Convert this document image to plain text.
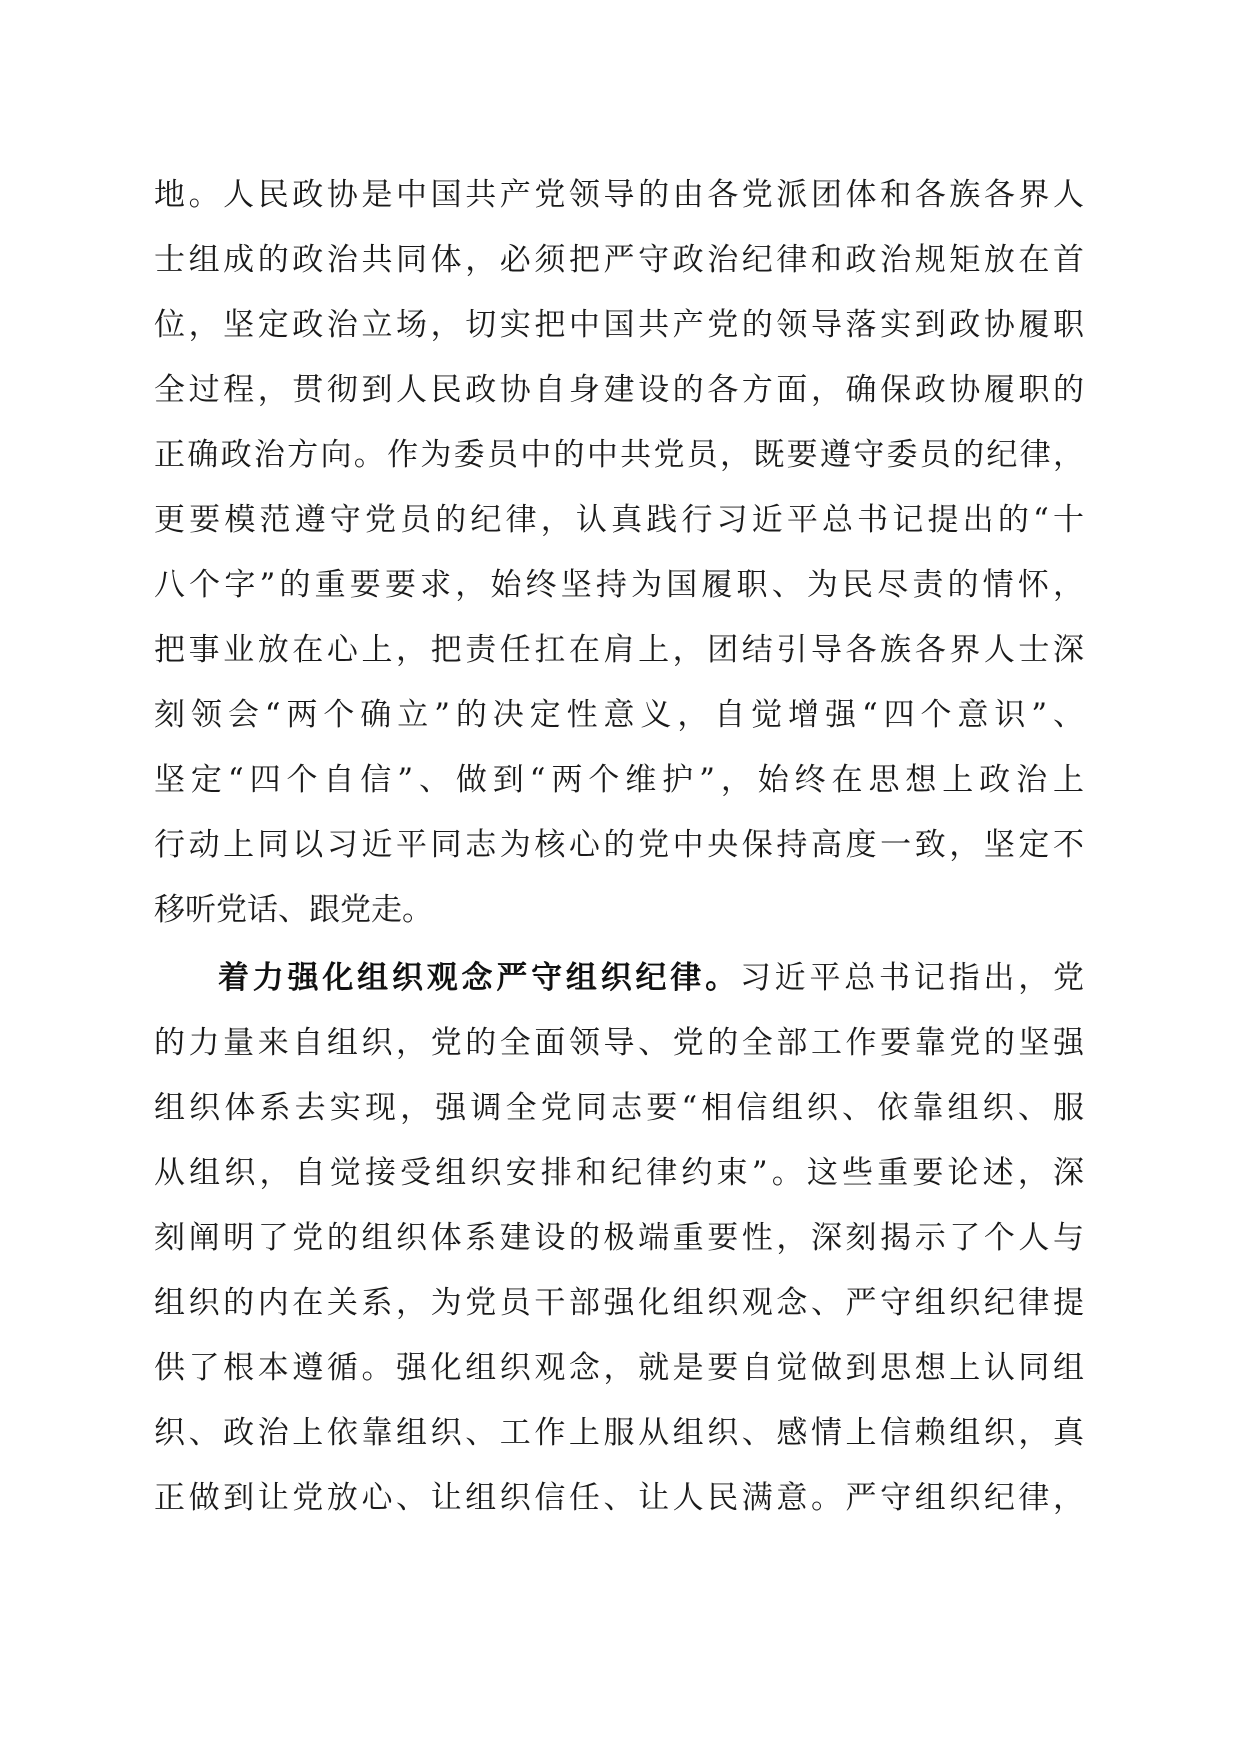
地。人民政协是中国共产党领导的由各党派团体和各族各界人
士组成的政治共同体，必须把严守政治纪律和政治规矩放在首
位，坚定政治立场，切实把中国共产党的领导落实到政协履职
全过程，贯彻到人民政协自身建设的各方面，确保政协履职的
正确政治方向。作为委员中的中共党员，既要遵守委员的纪律，
更要模范遵守党员的纪律，认真践行习近平总书记提出的“十
八个字”的重要要求，始终坚持为国履职、为民尽责的情怀，
把事业放在心上，把责任扛在肩上，团结引导各族各界人士深
刻领会“两个确立”的决定性意义，自觉增强“四个意识”、
坚定“四个自信”、做到“两个维护”，始终在思想上政治上
行动上同以习近平同志为核心的党中央保持高度一致，坚定不
移听党话、跟党走。
着力强化组织观念严守组织纪律。习近平总书记指出，党
的力量来自组织，党的全面领导、党的全部工作要靠党的坚强
组织体系去实现，强调全党同志要“相信组织、依靠组织、服
从组织，自觉接受组织安排和纪律约束”。这些重要论述，深
刻阐明了党的组织体系建设的极端重要性，深刻揭示了个人与
组织的内在关系，为党员干部强化组织观念、严守组织纪律提
供了根本遵循。强化组织观念，就是要自觉做到思想上认同组
织、政治上依靠组织、工作上服从组织、感情上信赖组织，真
正做到让党放心、让组织信任、让人民满意。严守组织纪律，
